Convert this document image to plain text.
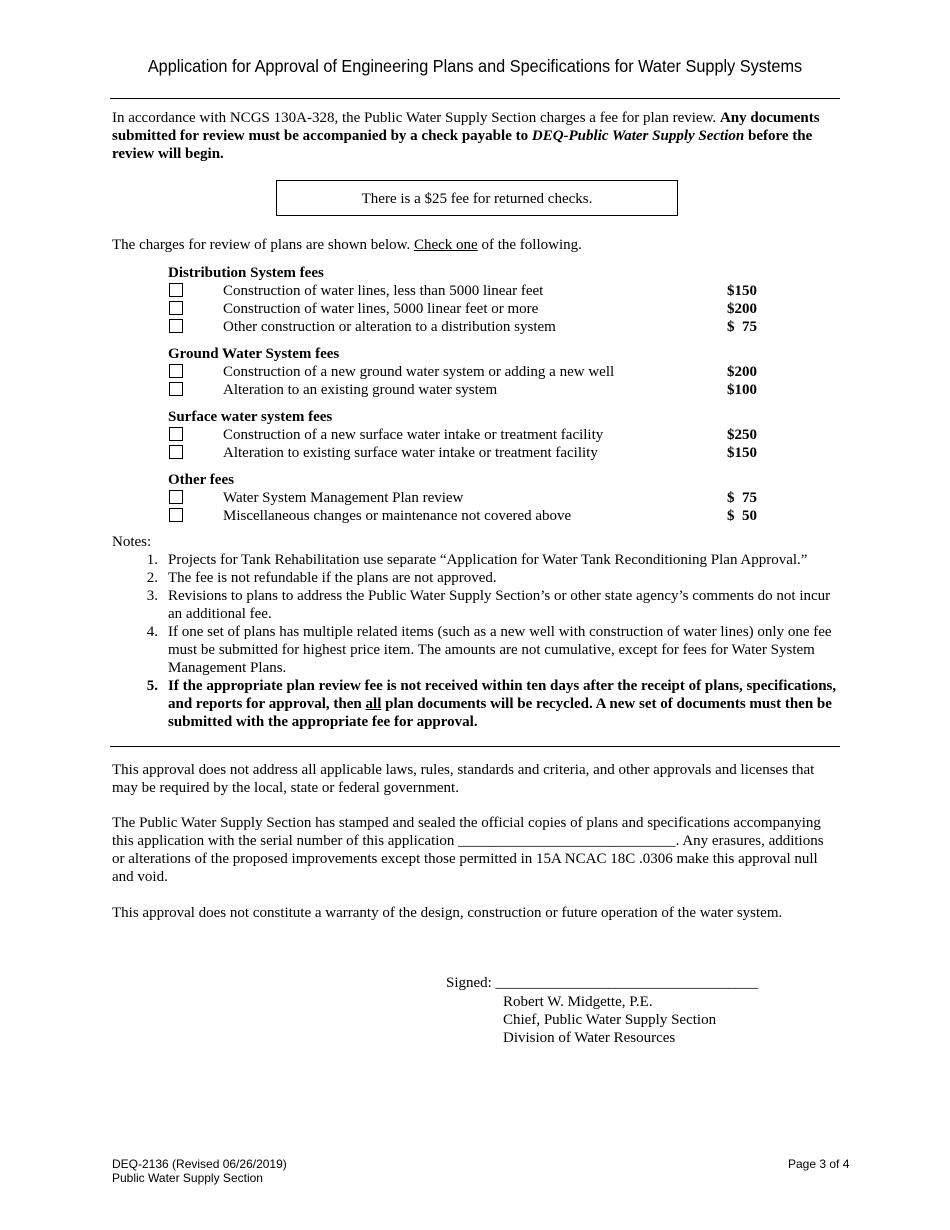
Application for Approval of Engineering Plans and Specifications for Water Supply Systems
In accordance with NCGS 130A-328, the Public Water Supply Section charges a fee for plan review. Any documents submitted for review must be accompanied by a check payable to DEQ-Public Water Supply Section before the review will begin.
There is a $25 fee for returned checks.
The charges for review of plans are shown below. Check one of the following.
Distribution System fees
Construction of water lines, less than 5000 linear feet	$150
Construction of water lines, 5000 linear feet or more	$200
Other construction or alteration to a distribution system	$  75
Ground Water System fees
Construction of a new ground water system or adding a new well	$200
Alteration to an existing ground water system	$100
Surface water system fees
Construction of a new surface water intake or treatment facility	$250
Alteration to existing surface water intake or treatment facility	$150
Other fees
Water System Management Plan review	$  75
Miscellaneous changes or maintenance not covered above	$  50
Notes:
1. Projects for Tank Rehabilitation use separate “Application for Water Tank Reconditioning Plan Approval.”
2. The fee is not refundable if the plans are not approved.
3. Revisions to plans to address the Public Water Supply Section’s or other state agency’s comments do not incur an additional fee.
4. If one set of plans has multiple related items (such as a new well with construction of water lines) only one fee must be submitted for highest price item. The amounts are not cumulative, except for fees for Water System Management Plans.
5. If the appropriate plan review fee is not received within ten days after the receipt of plans, specifications, and reports for approval, then all plan documents will be recycled. A new set of documents must then be submitted with the appropriate fee for approval.
This approval does not address all applicable laws, rules, standards and criteria, and other approvals and licenses that may be required by the local, state or federal government.
The Public Water Supply Section has stamped and sealed the official copies of plans and specifications accompanying this application with the serial number of this application _____________________________. Any erasures, additions or alterations of the proposed improvements except those permitted in 15A NCAC 18C .0306 make this approval null and void.
This approval does not constitute a warranty of the design, construction or future operation of the water system.
Signed: ___________________________________
Robert W. Midgette, P.E.
Chief, Public Water Supply Section
Division of Water Resources
DEQ-2136 (Revised 06/26/2019)
Public Water Supply Section
Page 3 of 4
